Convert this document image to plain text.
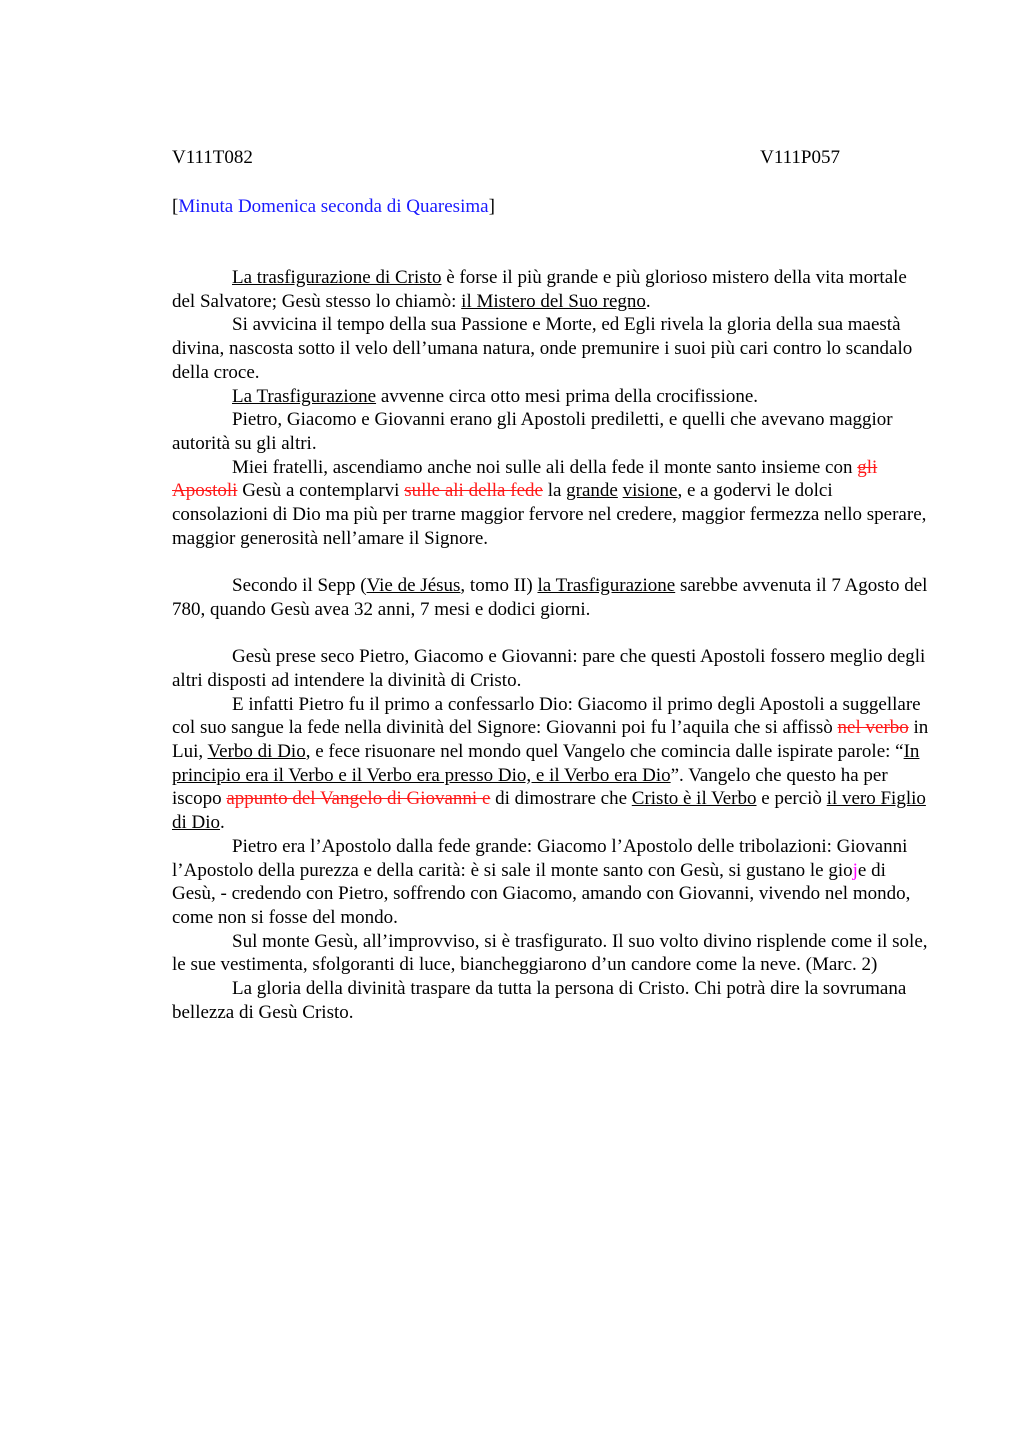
V111T082	V111P057
[Minuta Domenica seconda di Quaresima]

La trasfigurazione di Cristo è forse il più grande e più glorioso mistero della vita mortale del Salvatore; Gesù stesso lo chiamò: il Mistero del Suo regno.

Si avvicina il tempo della sua Passione e Morte, ed Egli rivela la gloria della sua maestà divina, nascosta sotto il velo dell’umana natura, onde premunire i suoi più cari contro lo scandalo della croce.

La Trasfigurazione avvenne circa otto mesi prima della crocifissione.

Pietro, Giacomo e Giovanni erano gli Apostoli prediletti, e quelli che avevano maggior autorità su gli altri.

Miei fratelli, ascendiamo anche noi sulle ali della fede il monte santo insieme con gli Apostoli Gesù a contemplarvi sulle ali della fede la grande visione, e a godervi le dolci consolazioni di Dio ma più per trarne maggior fervore nel credere, maggior fermezza nello sperare, maggior generosità nell’amare il Signore.

Secondo il Sepp (Vie de Jésus, tomo II) la Trasfigurazione sarebbe avvenuta il 7 Agosto del 780, quando Gesù avea 32 anni, 7 mesi e dodici giorni.

Gesù prese seco Pietro, Giacomo e Giovanni: pare che questi Apostoli fossero meglio degli altri disposti ad intendere la divinità di Cristo.

E infatti Pietro fu il primo a confessarlo Dio: Giacomo il primo degli Apostoli a suggellare col suo sangue la fede nella divinità del Signore: Giovanni poi fu l’aquila che si affissò nel verbo in Lui, Verbo di Dio, e fece risuonare nel mondo quel Vangelo che comincia dalle ispirate parole: “In principio era il Verbo e il Verbo era presso Dio, e il Verbo era Dio”. Vangelo che questo ha per iscopo appunto del Vangelo di Giovanni e di dimostrare che Cristo è il Verbo e perciò il vero Figlio di Dio.

Pietro era l’Apostolo dalla fede grande: Giacomo l’Apostolo delle tribolazioni: Giovanni l’Apostolo della purezza e della carità: è si sale il monte santo con Gesù, si gustano le gioje di Gesù, - credendo con Pietro, soffrendo con Giacomo, amando con Giovanni, vivendo nel mondo, come non si fosse del mondo.

Sul monte Gesù, all’improvviso, si è trasfigurato. Il suo volto divino risplende come il sole, le sue vestimenta, sfolgoranti di luce, biancheggiarono d’un candore come la neve. (Marc. 2)

La gloria della divinità traspare da tutta la persona di Cristo. Chi potrà dire la sovrumana bellezza di Gesù Cristo.
